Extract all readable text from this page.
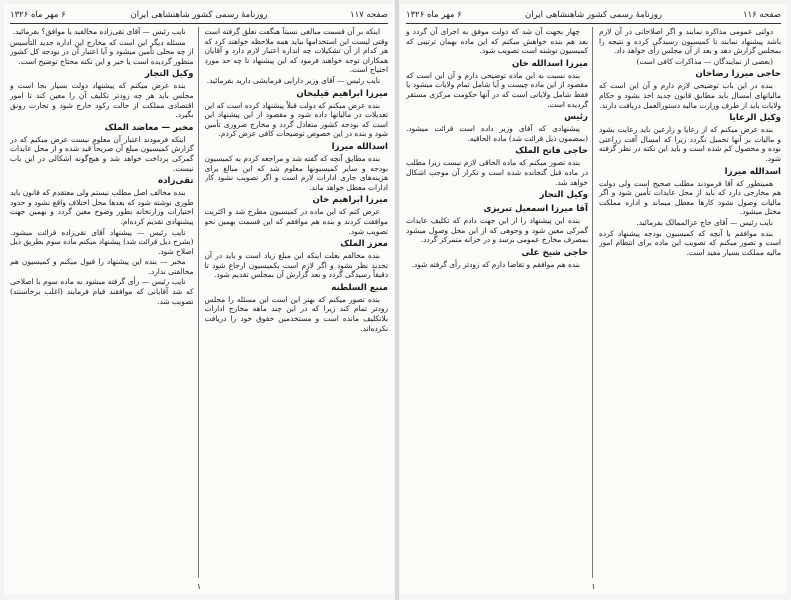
صفحه ۱۱۷
روزنامهٔ رسمی کشور شاهنشاهی ایران
۶ مهر ماه ۱۳۲۶

اینکه بر آن قسمت مبالغی نسبتاً هنگفت تعلق گرفته است وقتی لیست این استخدامها بیاید همه ملاحظه خواهند کرد که هر کدام از آن تشکیلات چه اندازه اعتبار لازم دارد و آقایان همکاران توجه خواهند فرمود که این پیشنهاد تا چه حد مورد احتیاج است.

نایب رئیس — آقای وزیر دارایی فرمایشی دارید بفرمائید.

میرزا ابراهیم قیلیخان

بنده عرض میکنم که دولت قبلاً پیشنهاد کرده است که این تعدیلات در مالیاتها داده شود و مقصود از این پیشنهاد این است که بودجه کشور متعادل گردد و مخارج ضروری تأمین شود و بنده در این خصوص توضیحات کافی عرض کردم.

اسدالله میرزا

بنده مطابق آنچه که گفته شد و مراجعه کردم به کمیسیون بودجه و سایر کمیسیونها معلوم شد که این مبالغ برای هزینه‌های جاری ادارات لازم است و اگر تصویب نشود کار ادارات معطل خواهد ماند.

میرزا ابراهیم خان

عرض کنم که این ماده در کمیسیون مطرح شد و اکثریت موافقت کردند و بنده هم موافقم که این قسمت بهمین نحو تصویب شود.

معزز الملک

بنده مخالفم بعلت اینکه این مبلغ زیاد است و باید در آن تجدید نظر بشود و اگر لازم است بکمیسیون ارجاع شود تا دقیقاً رسیدگی گردد و بعد گزارش آن بمجلس تقدیم شود.

منیع السلطنه

بنده تصور میکنم که بهتر این است این مسئله را مجلس زودتر تمام کند زیرا که در این چند ماهه مخارج ادارات بلاتکلیف مانده است و مستخدمین حقوق خود را دریافت نکرده‌اند.

نایب رئیس — آقای تقی‌زاده مخالفید یا موافق؟ بفرمائید.

مسئله دیگر این است که مخارج این اداره جدید التأسیس از چه محلی تأمین میشود و آیا اعتبار آن در بودجه کل کشور منظور گردیده است یا خیر و این نکته محتاج توضیح است.

وکیل التجار

بنده عرض میکنم که پیشنهاد دولت بسیار بجا است و مجلس باید هر چه زودتر تکلیف آن را معین کند تا امور اقتصادی مملکت از حالت رکود خارج شود و تجارت رونق بگیرد.

مخبر — معاضد الملک

اینکه فرمودند اعتبار آن معلوم نیست عرض میکنم که در گزارش کمیسیون مبلغ آن صریحاً قید شده و از محل عایدات گمرکی پرداخت خواهد شد و هیچ‌گونه اشکالی در این باب نیست.

تقی‌زاده

بنده مخالف اصل مطلب نیستم ولی معتقدم که قانون باید طوری نوشته شود که بعدها محل اختلاف واقع نشود و حدود اختیارات وزارتخانه بطور وضوح معین گردد و بهمین جهت پیشنهادی تقدیم کرده‌ام.

نایب رئیس — پیشنهاد آقای تقی‌زاده قرائت میشود. (بشرح ذیل قرائت شد) پیشنهاد میکنم ماده سوم بطریق ذیل اصلاح شود.

مخبر — بنده این پیشنهاد را قبول میکنم و کمیسیون هم مخالفتی ندارد.

نایب رئیس — رأی گرفته میشود به ماده سوم با اصلاحی که شد آقایانی که موافقند قیام فرمایند (اغلب برخاستند) تصویب شد.

۱
صفحه ۱۱۶
روزنامهٔ رسمی کشور شاهنشاهی ایران
۶ مهر ماه ۱۳۲۶

دولتی عمومی مذاکره نمایند و اگر اصلاحاتی در آن لازم باشد پیشنهاد نمایند تا کمیسیون رسیدگی کرده و نتیجه را بمجلس گزارش دهد و بعد از آن مجلس رأی خواهد داد.

(بعضی از نمایندگان — مذاکرات کافی است)

حاجی میرزا رضاخان

بنده در این باب توضیحی لازم دارم و آن این است که مالیاتهای امسال باید مطابق قانون جدید اخذ بشود و حکام ولایات باید از طرف وزارت مالیه دستورالعمل دریافت دارند.

وکیل الرعایا

بنده عرض میکنم که از رعایا و زارعین باید رعایت بشود و مالیات بر آنها تحمیل نگردد زیرا که امسال آفت زراعتی بوده و محصول کم شده است و باید این نکته در نظر گرفته شود.

اسدالله میرزا

همینطور که آقا فرمودند مطلب صحیح است ولی دولت هم مخارجی دارد که باید از محل عایدات تأمین شود و اگر مالیات وصول نشود کارها معطل میماند و اداره مملکت مختل میشود.

نایب رئیس — آقای حاج عزالممالک بفرمائید.

بنده موافقم با آنچه که کمیسیون بودجه پیشنهاد کرده است و تصور میکنم که تصویب این ماده برای انتظام امور مالیه مملکت بسیار مفید است.

چهار بجهت آن شد که دولت موفق به اجرای آن گردد و بعد هم بنده خواهش میکنم که این ماده بهمان ترتیبی که کمیسیون نوشته است تصویب شود.

میرزا اسدالله خان

بنده نسبت به این ماده توضیحی دارم و آن این است که مقصود از این ماده چیست و آیا شامل تمام ولایات میشود یا فقط شامل ولایاتی است که در آنها حکومت مرکزی مستقر گردیده است.

رئیس

پیشنهادی که آقای وزیر داده است قرائت میشود. (بمضمون ذیل قرائت شد) ماده الحاقیه.

حاجی فاتح الملک

بنده تصور میکنم که ماده الحاقی لازم نیست زیرا مطلب در ماده قبل گنجانده شده است و تکرار آن موجب اشکال خواهد شد.

وکیل التجار

آقا میرزا اسمعیل تبریزی

بنده این پیشنهاد را از این جهت دادم که تکلیف عایدات گمرکی معین شود و وجوهی که از این محل وصول میشود بمصرف مخارج عمومی برسد و در خزانه متمرکز گردد.

حاجی شیخ علی

بنده هم موافقم و تقاضا دارم که زودتر رأی گرفته شود.

۱
